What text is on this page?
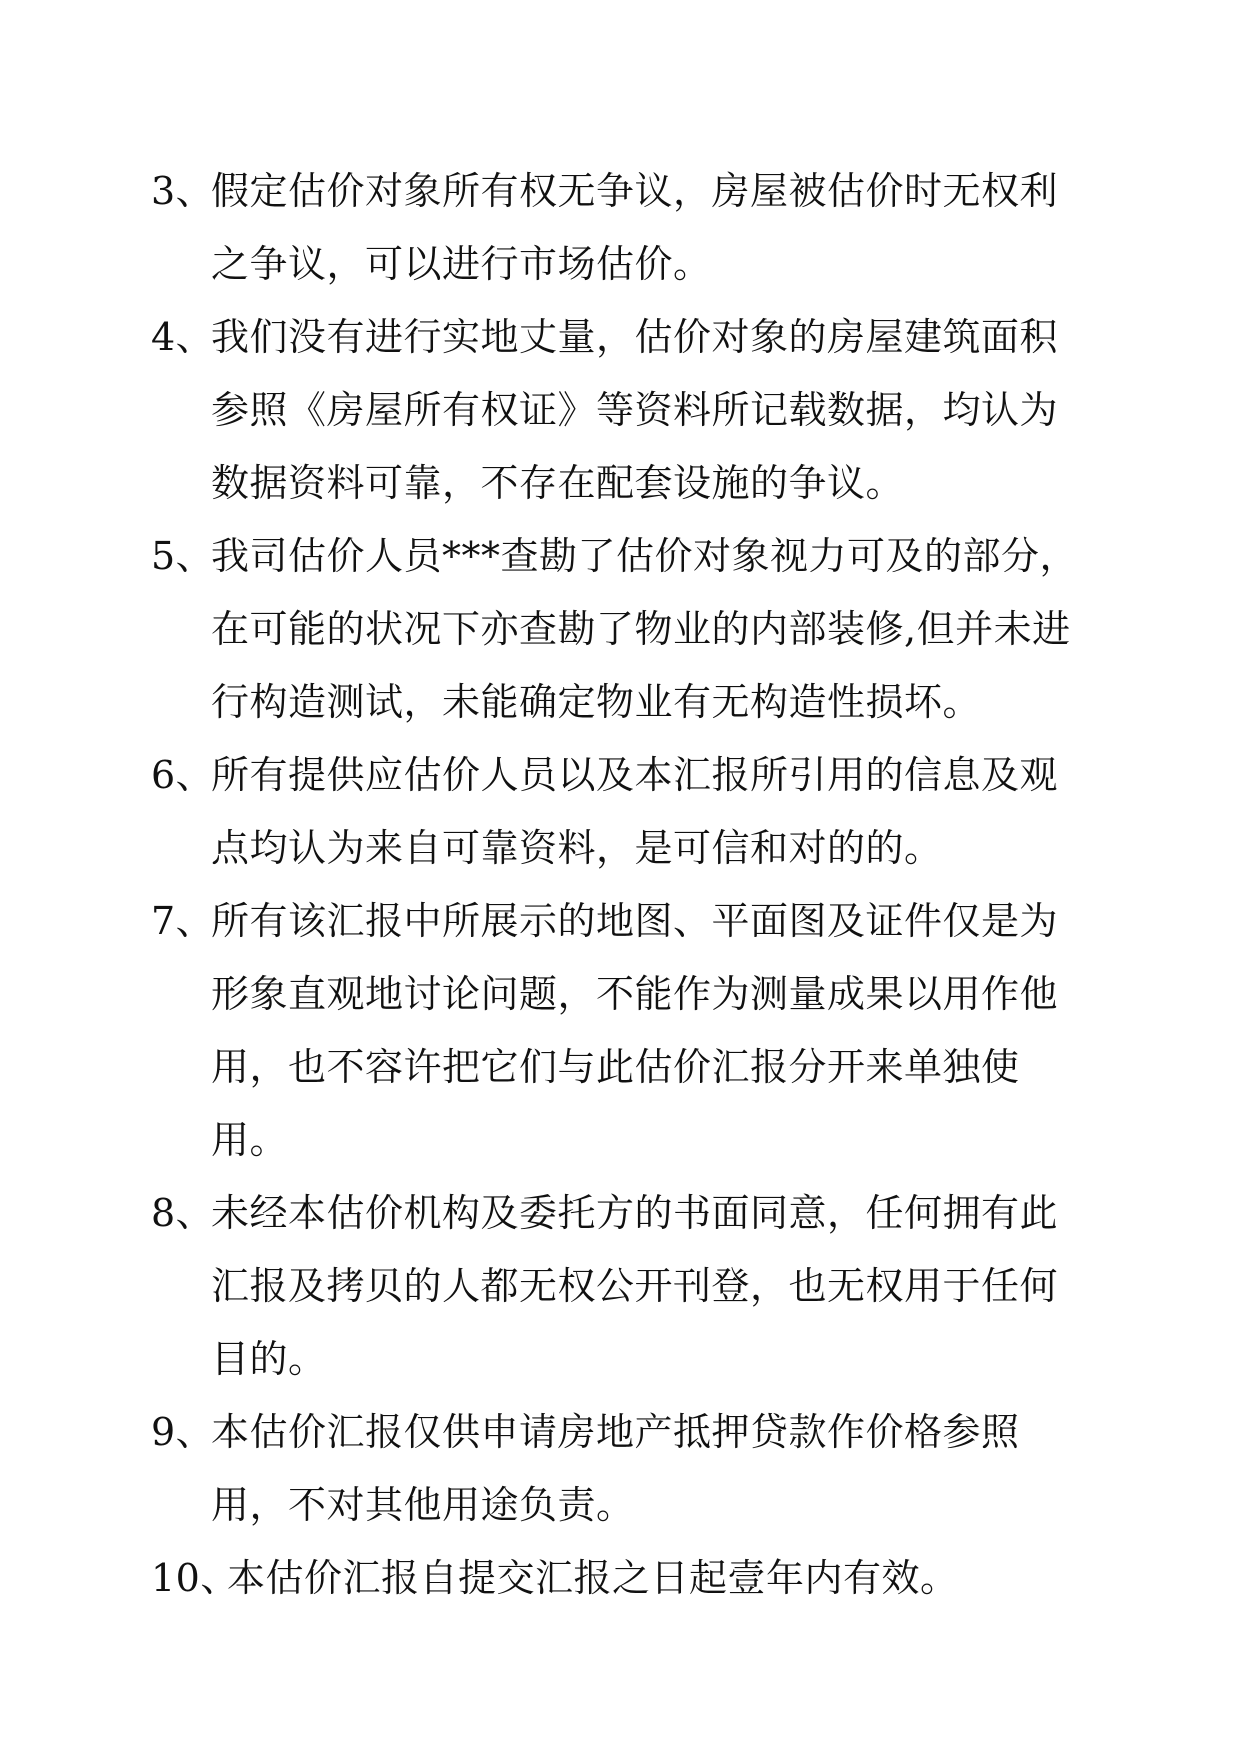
3、
假定估价对象所有权无争议，房屋被估价时无权利之争议，可以进行市场估价。
4、
我们没有进行实地丈量，估价对象的房屋建筑面积参照《房屋所有权证》等资料所记载数据，均认为数据资料可靠，不存在配套设施的争议。
5、
我司估价人员***查勘了估价对象视力可及的部分，在可能的状况下亦查勘了物业的内部装修,但并未进行构造测试，未能确定物业有无构造性损坏。
6、
所有提供应估价人员以及本汇报所引用的信息及观点均认为来自可靠资料，是可信和对的的。
7、
所有该汇报中所展示的地图、平面图及证件仅是为形象直观地讨论问题，不能作为测量成果以用作他用，也不容许把它们与此估价汇报分开来单独使用。
8、
未经本估价机构及委托方的书面同意，任何拥有此汇报及拷贝的人都无权公开刊登，也无权用于任何目的。
9、
本估价汇报仅供申请房地产抵押贷款作价格参照用，不对其他用途负责。
10、
本估价汇报自提交汇报之日起壹年内有效。
